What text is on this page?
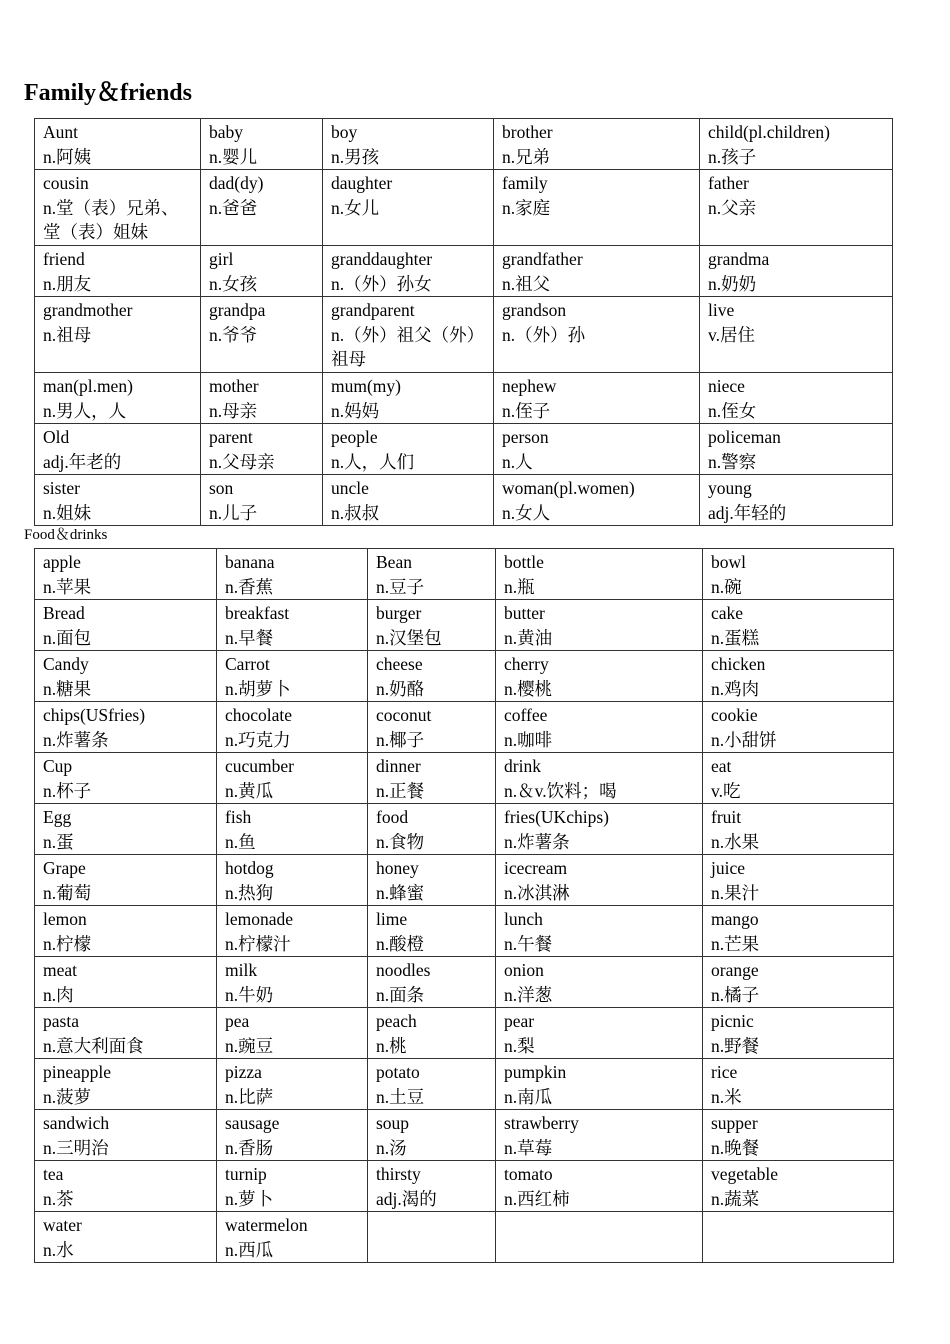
Family＆friends
Aunt
n.阿姨	baby
n.婴儿	boy
n.男孩	brother
n.兄弟	child(pl.children)
n.孩子

cousin
n.堂（表）兄弟、堂（表）姐妹	dad(dy)
n.爸爸	daughter
n.女儿	family
n.家庭	father
n.父亲

friend
n.朋友	girl
n.女孩	granddaughter
n.（外）孙女	grandfather
n.祖父	grandma
n.奶奶

grandmother
n.祖母	grandpa
n.爷爷	grandparent
n.（外）祖父（外）祖母	grandson
n.（外）孙	live
v.居住

man(pl.men)
n.男人，人	mother
n.母亲	mum(my)
n.妈妈	nephew
n.侄子	niece
n.侄女

Old
adj.年老的	parent
n.父母亲	people
n.人，人们	person
n.人	policeman
n.警察

sister
n.姐妹	son
n.儿子	uncle
n.叔叔	woman(pl.women)
n.女人	young
adj.年轻的
Food＆drinks
apple
n.苹果	banana
n.香蕉	Bean
n.豆子	bottle
n.瓶	bowl
n.碗

Bread
n.面包	breakfast
n.早餐	burger
n.汉堡包	butter
n.黄油	cake
n.蛋糕

Candy
n.糖果	Carrot
n.胡萝卜	cheese
n.奶酪	cherry
n.樱桃	chicken
n.鸡肉

chips(USfries)
n.炸薯条	chocolate
n.巧克力	coconut
n.椰子	coffee
n.咖啡	cookie
n.小甜饼

Cup
n.杯子	cucumber
n.黄瓜	dinner
n.正餐	drink
n.＆v.饮料；喝	eat
v.吃

Egg
n.蛋	fish
n.鱼	food
n.食物	fries(UKchips)
n.炸薯条	fruit
n.水果

Grape
n.葡萄	hotdog
n.热狗	honey
n.蜂蜜	icecream
n.冰淇淋	juice
n.果汁

lemon
n.柠檬	lemonade
n.柠檬汁	lime
n.酸橙	lunch
n.午餐	mango
n.芒果

meat
n.肉	milk
n.牛奶	noodles
n.面条	onion
n.洋葱	orange
n.橘子

pasta
n.意大利面食	pea
n.豌豆	peach
n.桃	pear
n.梨	picnic
n.野餐

pineapple
n.菠萝	pizza
n.比萨	potato
n.土豆	pumpkin
n.南瓜	rice
n.米

sandwich
n.三明治	sausage
n.香肠	soup
n.汤	strawberry
n.草莓	supper
n.晚餐

tea
n.茶	turnip
n.萝卜	thirsty
adj.渴的	tomato
n.西红柿	vegetable
n.蔬菜

water
n.水	watermelon
n.西瓜			
